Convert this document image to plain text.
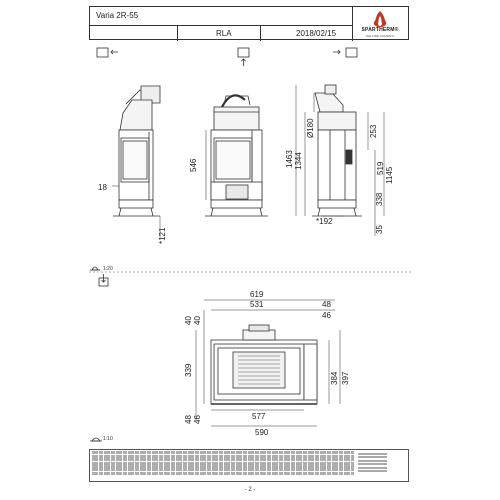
Varia 2R-55
RLA	2018/02/15	SPARTHERM®
THE FIRE COMPANY
18
546
*121
1463 1344
Ø180	253
519 1145
338
*192
35
619
531	48
46
40 40
339
48 46
384 397
577
590
1:20
1:10
- 2 -
